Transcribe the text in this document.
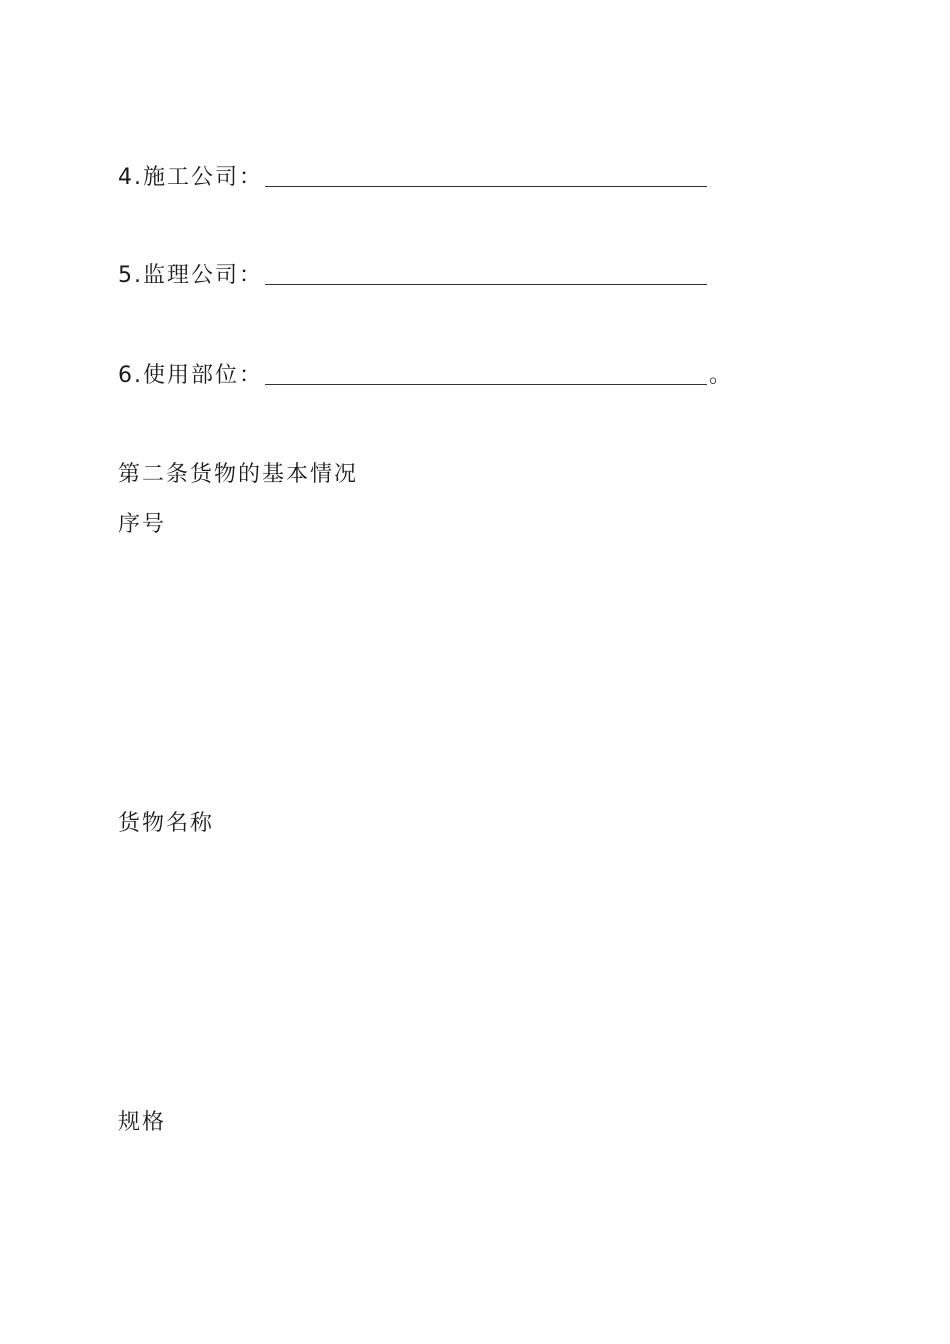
4.施工公司：
5.监理公司：
6.使用部位：	。
第二条货物的基本情况
序号
货物名称
规格
